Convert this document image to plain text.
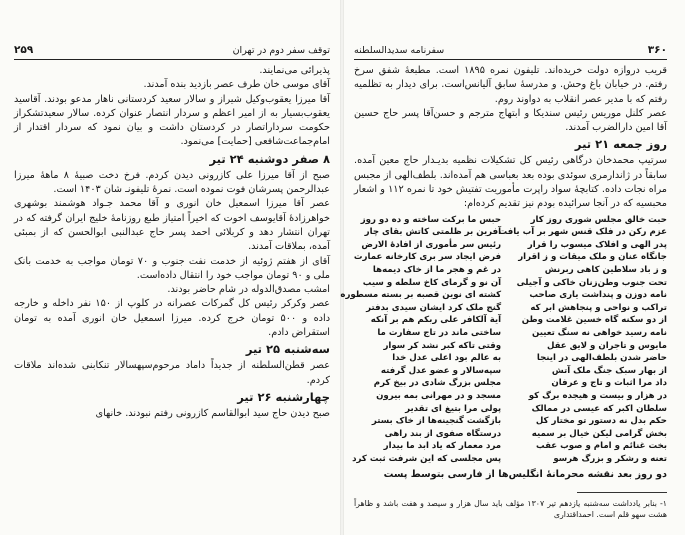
توقف سفر دوم در تهران
۲۵۹
پذیرائی می‌نمایند.
آقای موسی خان طرف عصر بازدید بنده آمدند.
آقا میرزا یعقوب‌وکیل شیراز و سالار سعید کردستانی ناهار مدعو بودند. آقاسید یعقوب‌بسیار به از امیر اعظم و سردار انتصار عنوان کرده. سالار سعیدتشکراز حکومت سرداراتصار در کردستان داشت و بیان نمود که سردار اقتدار از امام‌جماعت‌شافعی [حمایت] می‌نمود.
۸ صفر دوشنبه ۲۴ تیر
صبح از آقا میرزا علی کازرونی دیدن کردم. فرخ دخت صبیهٔ ۸ ماههٔ میرزا عبدالرحمن پسرشان فوت نموده است. نمرهٔ تلیفونـ شان ۱۴۰۳ است.
عصر آقا میرزا اسمعیل خان انوری و آقا محمد جـواد هوشمند بوشهری خواهرزادهٔ آقایوسف اخوت که اخیراً امتیاز طبع روزنامهٔ خلیج ایران گرفته که در تهران انتشار دهد و کربلائی احمد پسر حاج عبدالنبی ابوالحسن که از بمبئی آمده، بملاقات آمدند.
آقای از هفتم ژوئیه از خدمت نفت جنوب و ۷۰ تومان مواجب به خدمت بانک ملی و ۹۰ تومان مواجب خود را انتقال داده‌است.
امشب مصدق‌الدوله در شام حاضر بودند.
عصر وکرکر رئیس کل گمرکات عصرانه در کلوپ از ۱۵۰ نفر داخله و خارجه داده و ۵۰۰ تومان خرج کرده. میرزا اسمعیل خان انوری آمده به تومان استقراض دادم.
سه‌شنبه ۲۵ تیر
عصر قطن‌السلطنه از جدیداً داماد مرحوم‌سپهسالار تنکابنی شده‌اند ملاقات کردم.
چهارشنبه ۲۶ تیر
صبح دیدن حاج سید ابوالقاسم کازرونی رفتم نبودند. خانهای
۳۶۰
سفرنامه سدیدالسلطنه
قریب دروازه دولت خریده‌اند. تلیفون نمره ۱۸۹۵ است. مطبعهٔ شفق سرخ رفتم. در خیابان باغ وحش. و مدرسهٔ سابق آلیانس‌است. برای دیدار به تظلمیه رفتم که با مدیر عصر انقلاب به دواوند روم.
عصر کلنل موریس رئیس سندیکا و ابتهاج مترجم و حسن‌آقا پسر حاج حسین آقا امین دارالضرب آمدند.
روز جمعه ۲۱ تیر
سرتیپ محمدخان درگاهی رئیس کل تشکیلات نظمیه بدیـدار حاج معین آمده. سابقاً در ژاندارمری سوئدی بوده بعد بعباسی هم آمده‌اند. بلطف‌الهی از مجبس مراه نجات داده. کتابچهٔ سواد راپرت مأموریت تفتیش خود تا نمره ۱۱۲ و اشعار محبسیه که در آنجا سرائیده بودم نیز تقدیم کرده‌ام:
حبت خالق مجلس شوری روز کار
عزم رکن در فلک قنس شهر بر آب یافت
پدر الهی و افلاک میسوب را قرار
جانگاه عنان و ملک میقات و ز اقرار
و ز باد سلاطین کاهی ربرنش
تحت جنوب وطن‌زنان خاکی و آجیلی
نامه دوزن و پنداشت یاری صاحب
تراکب و نواحی و پنجاهش ابر که
از دو سکنه گاه خسین غلامت وطن
نامه رسید خواهی نه سنگ تعیین
مایوس و تاجران و لایق عقل
حاضر شدن بلطف‌الهی در اینجا
از بهار سبک جنگ ملک آتش
داد مرا اثبات و تاج و عرفان
در هزار و بیست و هیجده برگ کو
سلطان اکبر که عیسی در ممالک
حکم بدل نه دستور تو مختار کل
بخش گرامی لیکن خیال بر سمیه
بخت غنائم و امام و صوب عقب
تعنه و رشکر و بزرگ هرسو
حبس ما برکت ساخته و ده دو روز
آفرین بر ظلمتی کاتش بقای چار
رئیس سر مأموری از افادهٔ الارض
فرض ایجاد سر بری کارخانه عمارت
در غم و هجر ما از خاک دیمه‌ها
آن نو و گرمای کاخ سلطه و سیب
کشته ای نوین قصبه بر بسته مسطوره
گنج ملک کرد ایشان سیدی بدفتر
آیة آلکافر علی ربکم هم بر آنکه
ساختی ماند در تاج سفارت ما
وقتی تاکه کبر نشد کر سوار
به عالم بود اعلی عدل خدا
سپه‌سالار و عضو عدل گرفته
مجلس بزرگ شادی در بیخ کرم
مسجد و در مهرانی بمه بیرون
پولی مرا بتیغ ای تقدیر
بازگشت گنجینه‌ها از خاک بستر
درستگاه صفوی از بند راهی
مرد معمار که یاد ابد ما بیدار
پس مجلسی که این شرفت ثبت کرد
دو روز بعد نقشه محرمانهٔ انگلیس‌ها از فارسی بتوسط پست
۱- بنابر یادداشت سه‌شنبه یازدهم تیر ۱۳۰۷ مؤلف باید سال هزار و سیصد و هفت باشد و ظاهراً هشت سهو قلم است. احمداقتداری
